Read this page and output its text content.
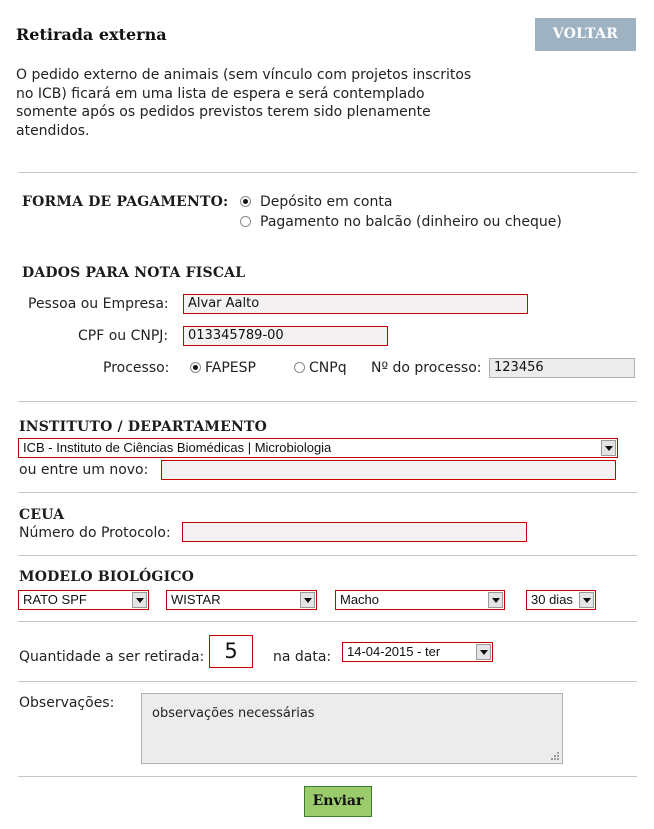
Retirada externa	VOLTAR
O pedido externo de animais (sem vínculo com projetos inscritos no ICB) ficará em uma lista de espera e será contemplado somente após os pedidos previstos terem sido plenamente atendidos.
FORMA DE PAGAMENTO: Depósito em conta
Pagamento no balcão (dinheiro ou cheque)
DADOS PARA NOTA FISCAL
Pessoa ou Empresa:	Alvar Aalto
CPF ou CNPJ:	013345789-00
Processo:	FAPESP	CNPq Nº do processo: 123456
INSTITUTO / DEPARTAMENTO
ICB - Instituto de Ciências Biomédicas | Microbiologia
ou entre um novo:
CEUA
Número do Protocolo:
MODELO BIOLÓGICO
RATO SPF	WISTAR	Macho	30 dias
Quantidade a ser retirada: 5	na data:	14-04-2015 - ter
Observações:
observações necessárias
Enviar
